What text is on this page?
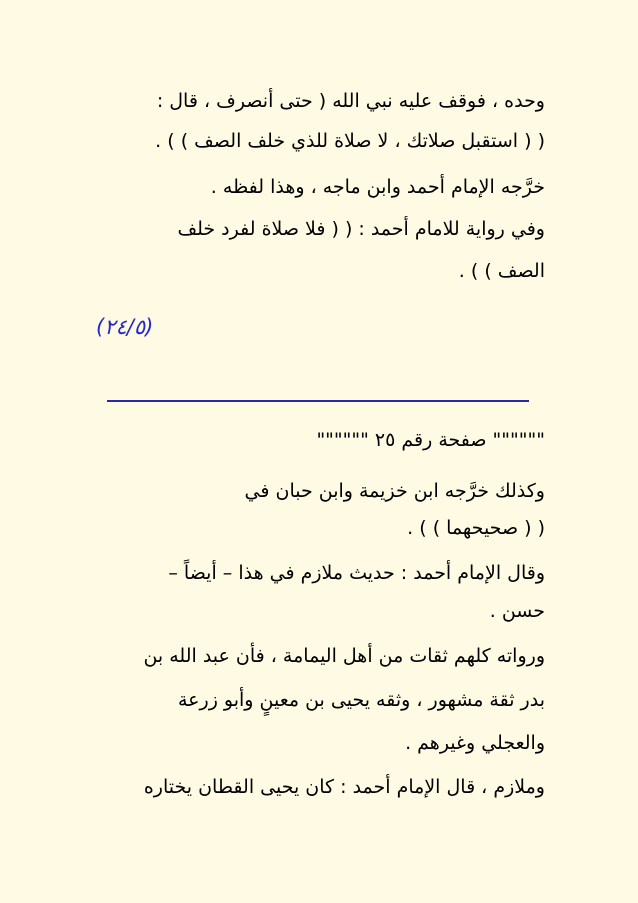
وحده ، فوقف عليه نبي الله ( حتى أنصرف ، قال :
( ( استقبل صلاتك ، لا صلاة للذي خلف الصف ) ) .
خرَّجه الإمام أحمد وابن ماجه ، وهذا لفظه .
وفي رواية للامام أحمد : ( ( فلا صلاة لفرد خلف
الصف ) ) .
(٢٤/٥)
"""""" صفحة رقم ٢٥ """"""
وكذلك خرَّجه ابن خزيمة وابن حبان في
( ( صحيحهما ) ) .
وقال الإمام أحمد : حديث ملازم في هذا – أيضاً –
حسن .
ورواته كلهم ثقات من أهل اليمامة ، فأن عبد الله بن
بدر ثقة مشهور ، وثقه يحيى بن معينٍ وأبو زرعة
والعجلي وغيرهم .
وملازم ، قال الإمام أحمد : كان يحيى القطان يختاره
